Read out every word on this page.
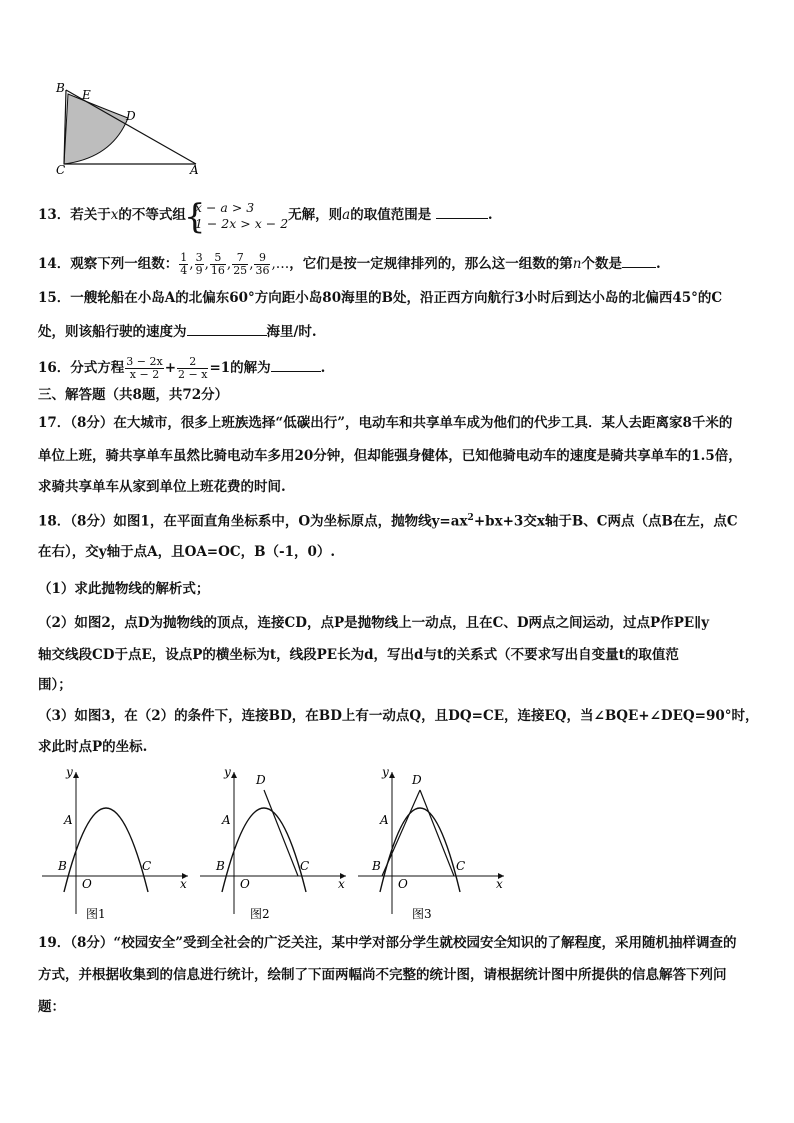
B E
D
C	A
13．若关于x的不等式组
{ x − a > 3
1 − 2x > x − 2 无解，则a的取值范围是	.
14．观察下列一组数： $\frac{1}{4}$ , $\frac{3}{9}$ , $\frac{5}{16}$ , $\frac{7}{25}$ , $\frac{9}{36}$ ,…，它们是按一定规律排列的，那么这一组数的第n个数是	.
15．一艘轮船在小岛A的北偏东60°方向距小岛80海里的B处，沿正西方向航行3小时后到达小岛的北偏西45°的C
处，则该船行驶的速度为	海里/时.
16．分式方程 $\frac{3 - 2x}{x - 2} + \frac{2}{2 - x} =1$的解为	.
三、解答题（共8题，共72分）
17．（8分）在大城市，很多上班族选择“低碳出行”，电动车和共享单车成为他们的代步工具．某人去距离家8千米的
单位上班，骑共享单车虽然比骑电动车多用20分钟，但却能强身健体，已知他骑电动车的速度是骑共享单车的1.5倍，
求骑共享单车从家到单位上班花费的时间.
18．（8分）如图1，在平面直角坐标系中，O为坐标原点，抛物线$y=ax^2+bx+3$交x轴于B、C两点（点B在左，点C
在右），交y轴于点A，且OA=OC，B（-1，0）.
（1）求此抛物线的解析式；
（2）如图2，点D为抛物线的顶点，连接CD，点P是抛物线上一动点，且在C、D两点之间运动，过点P作PE∥y
轴交线段CD于点E，设点P的横坐标为t，线段PE长为d，写出d与t的关系式（不要求写出自变量t的取值范
围）；
（3）如图3，在（2）的条件下，连接BD，在BD上有一动点Q，且DQ=CE，连接EQ，当∠BQE+∠DEQ=90°时，
求此时点P的坐标.
y
x
A
B	C
O
图1
y
x
D
A
B	C
O
图2
y
x
D
A
B	C
O
图3
19．（8分）“校园安全”受到全社会的广泛关注，某中学对部分学生就校园安全知识的了解程度，采用随机抽样调查的
方式，并根据收集到的信息进行统计，绘制了下面两幅尚不完整的统计图，请根据统计图中所提供的信息解答下列问
题：
